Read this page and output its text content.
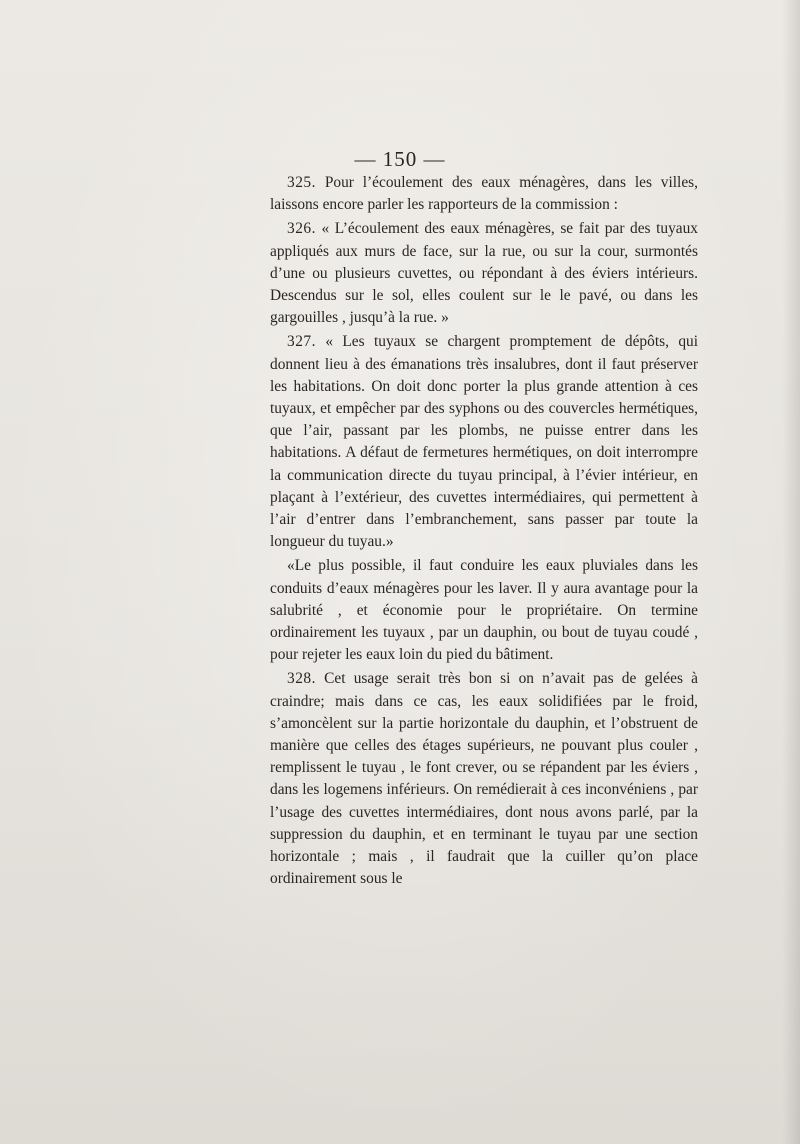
— 150 —

325. Pour l’écoulement des eaux ménagères, dans les villes, laissons encore parler les rapporteurs de la commission :

326. « L’écoulement des eaux ménagères, se fait par des tuyaux appliqués aux murs de face, sur la rue, ou sur la cour, surmontés d’une ou plusieurs cuvettes, ou répondant à des éviers intérieurs. Descendus sur le sol, elles coulent sur le le pavé, ou dans les gargouilles , jusqu’à la rue. »

327. « Les tuyaux se chargent promptement de dépôts, qui donnent lieu à des émanations très insalubres, dont il faut préserver les habitations. On doit donc porter la plus grande attention à ces tuyaux, et empêcher par des syphons ou des couvercles hermétiques, que l’air, passant par les plombs, ne puisse entrer dans les habitations. A défaut de fermetures hermétiques, on doit interrompre la communication directe du tuyau principal, à l’évier intérieur, en plaçant à l’extérieur, des cuvettes intermédiaires, qui permettent à l’air d’entrer dans l’embranchement, sans passer par toute la longueur du tuyau.»

«Le plus possible, il faut conduire les eaux pluviales dans les conduits d’eaux ménagères pour les laver. Il y aura avantage pour la salubrité , et économie pour le propriétaire. On termine ordinairement les tuyaux , par un dauphin, ou bout de tuyau coudé , pour rejeter les eaux loin du pied du bâtiment.

328. Cet usage serait très bon si on n’avait pas de gelées à craindre; mais dans ce cas, les eaux solidifiées par le froid, s’amoncèlent sur la partie horizontale du dauphin, et l’obstruent de manière que celles des étages supérieurs, ne pouvant plus couler , remplissent le tuyau , le font crever, ou se répandent par les éviers , dans les logemens inférieurs. On remédierait à ces inconvéniens , par l’usage des cuvettes intermédiaires, dont nous avons parlé, par la suppression du dauphin, et en terminant le tuyau par une section horizontale ; mais , il faudrait que la cuiller qu’on place ordinairement sous le
